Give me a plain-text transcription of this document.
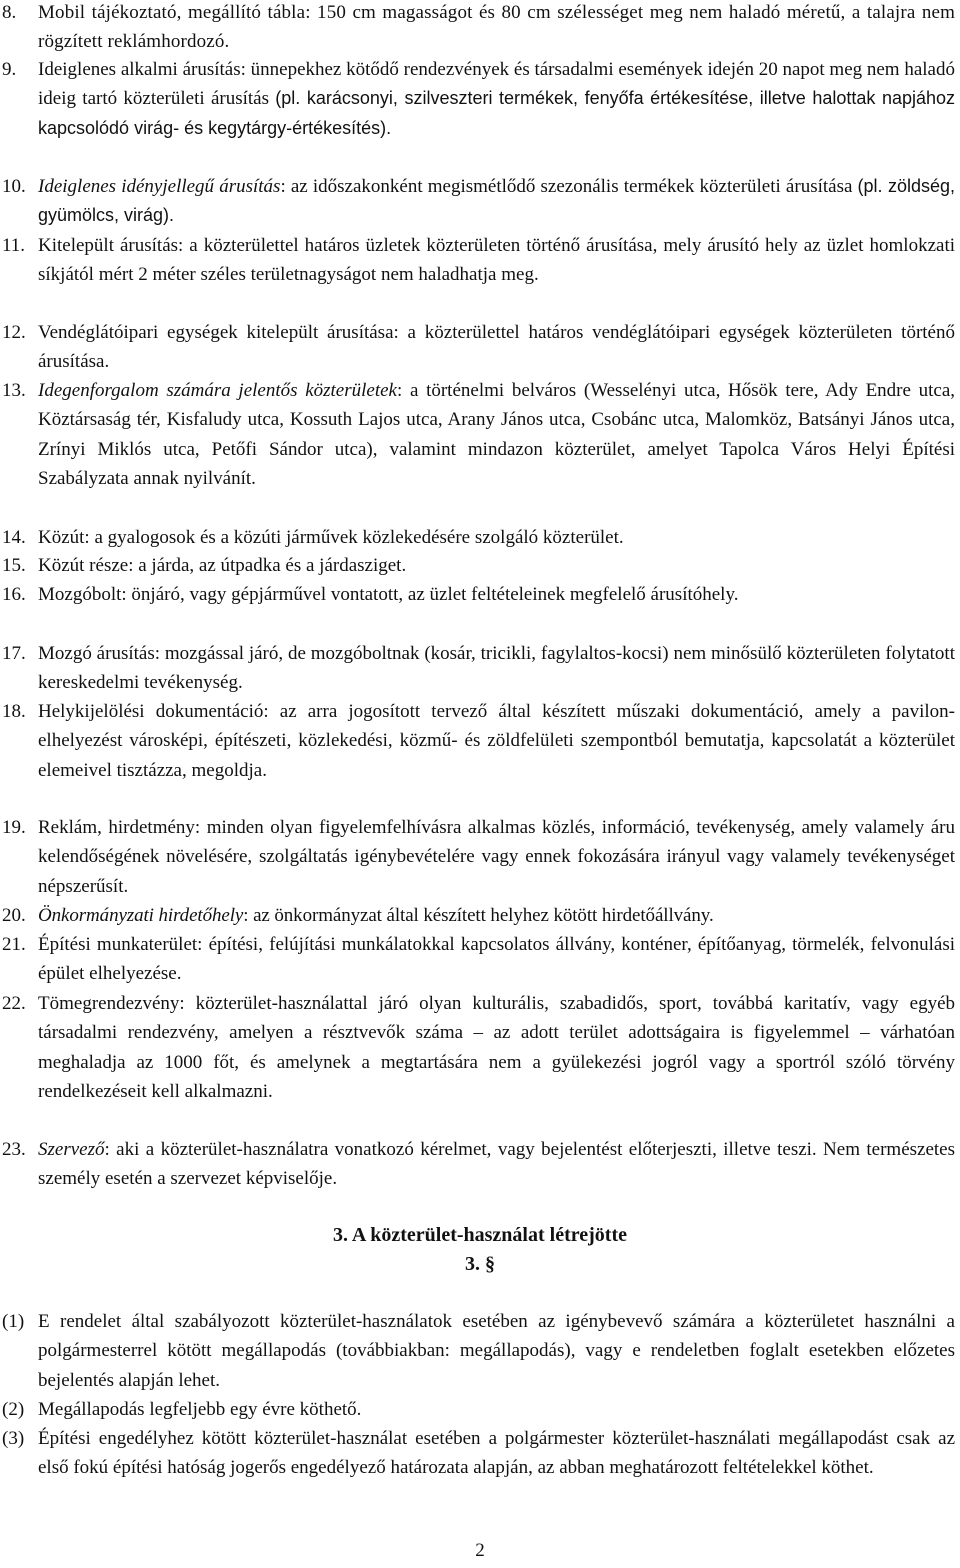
8. Mobil tájékoztató, megállító tábla: 150 cm magasságot és 80 cm szélességet meg nem haladó méretű, a talajra nem rögzített reklámhordozó.
9. Ideiglenes alkalmi árusítás: ünnepekhez kötődő rendezvények és társadalmi események idején 20 napot meg nem haladó ideig tartó közterületi árusítás (pl. karácsonyi, szilveszteri termékek, fenyőfa értékesítése, illetve halottak napjához kapcsolódó virág- és kegytárgy-értékesítés).
10. Ideiglenes idényjellegű árusítás: az időszakonként megismétlődő szezonális termékek közterületi árusítása (pl. zöldség, gyümölcs, virág).
11. Kitelepült árusítás: a közterülettel határos üzletek közterületen történő árusítása, mely árusító hely az üzlet homlokzati síkjától mért 2 méter széles területnagyságot nem haladhatja meg.
12. Vendéglátóipari egységek kitelepült árusítása: a közterülettel határos vendéglátóipari egységek közterületen történő árusítása.
13. Idegenforgalom számára jelentős közterületek: a történelmi belváros (Wesselényi utca, Hősök tere, Ady Endre utca, Köztársaság tér, Kisfaludy utca, Kossuth Lajos utca, Arany János utca, Csobánc utca, Malomköz, Batsányi János utca, Zrínyi Miklós utca, Petőfi Sándor utca), valamint mindazon közterület, amelyet Tapolca Város Helyi Építési Szabályzata annak nyilvánít.
14. Közút: a gyalogosok és a közúti járművek közlekedésére szolgáló közterület.
15. Közút része: a járda, az útpadka és a járdasziget.
16. Mozgóbolt: önjáró, vagy gépjárművel vontatott, az üzlet feltételeinek megfelelő árusítóhely.
17. Mozgó árusítás: mozgással járó, de mozgóboltnak (kosár, tricikli, fagylaltos-kocsi) nem minősülő közterületen folytatott kereskedelmi tevékenység.
18. Helykijelölési dokumentáció: az arra jogosított tervező által készített műszaki dokumentáció, amely a pavilon- elhelyezést városképi, építészeti, közlekedési, közmű- és zöldfelületi szempontból bemutatja, kapcsolatát a közterület elemeivel tisztázza, megoldja.
19. Reklám, hirdetmény: minden olyan figyelemfelhívásra alkalmas közlés, információ, tevékenység, amely valamely áru kelendőségének növelésére, szolgáltatás igénybevételére vagy ennek fokozására irányul vagy valamely tevékenységet népszerűsít.
20. Önkormányzati hirdetőhely: az önkormányzat által készített helyhez kötött hirdetőállvány.
21. Építési munkaterület: építési, felújítási munkálatokkal kapcsolatos állvány, konténer, építőanyag, törmelék, felvonulási épület elhelyezése.
22. Tömegrendezvény: közterület-használattal járó olyan kulturális, szabadidős, sport, továbbá karitatív, vagy egyéb társadalmi rendezvény, amelyen a résztvevők száma – az adott terület adottságaira is figyelemmel – várhatóan meghaladja az 1000 főt, és amelynek a megtartására nem a gyülekezési jogról vagy a sportról szóló törvény rendelkezéseit kell alkalmazni.
23. Szervező: aki a közterület-használatra vonatkozó kérelmet, vagy bejelentést előterjeszti, illetve teszi. Nem természetes személy esetén a szervezet képviselője.
3. A közterület-használat létrejötte
3. §
(1) E rendelet által szabályozott közterület-használatok esetében az igénybevevő számára a közterületet használni a polgármesterrel kötött megállapodás (továbbiakban: megállapodás), vagy e rendeletben foglalt esetekben előzetes bejelentés alapján lehet.
(2) Megállapodás legfeljebb egy évre köthető.
(3) Építési engedélyhez kötött közterület-használat esetében a polgármester közterület-használati megállapodást csak az első fokú építési hatóság jogerős engedélyező határozata alapján, az abban meghatározott feltételekkel köthet.
2
